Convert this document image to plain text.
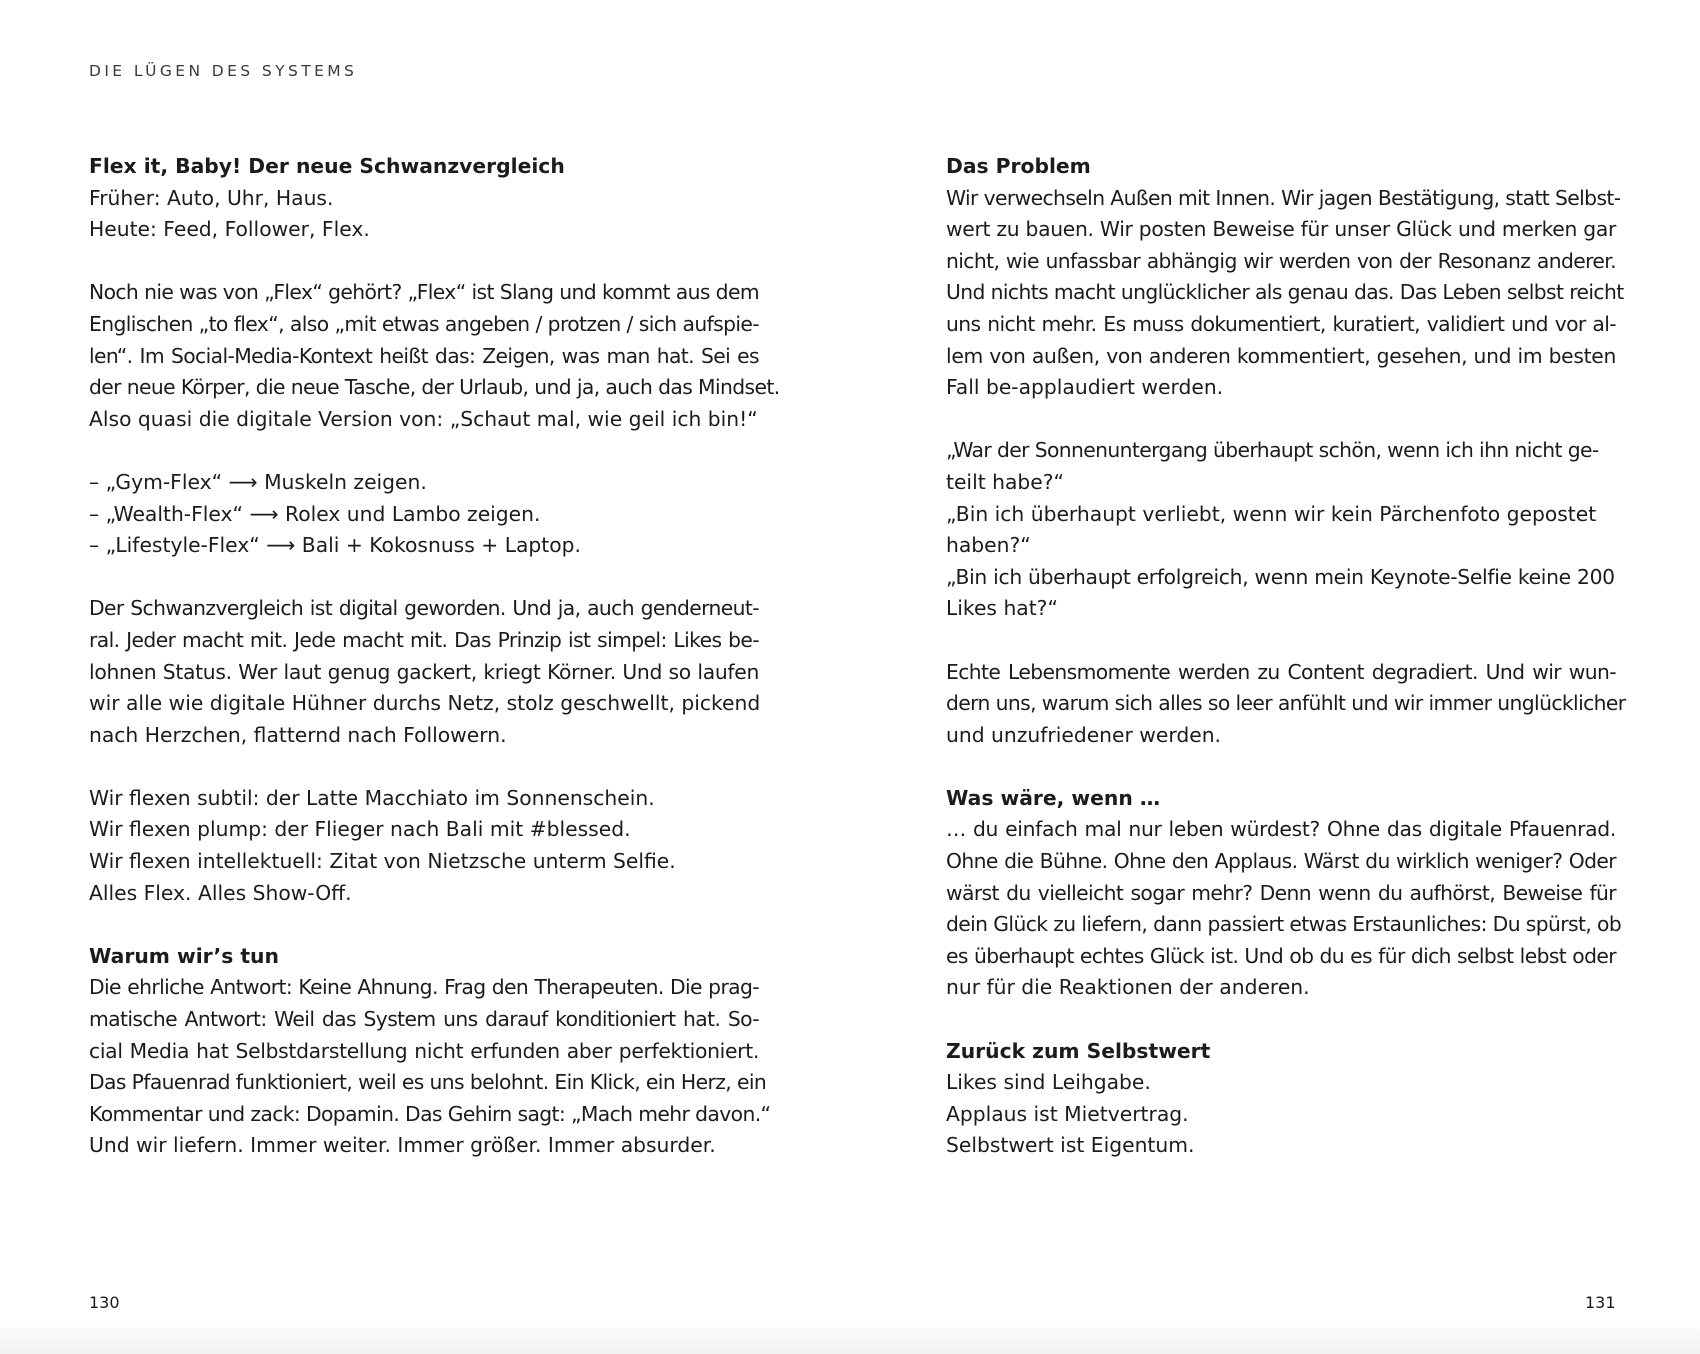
DIE LÜGEN DES SYSTEMS
Flex it, Baby! Der neue Schwanzvergleich
Früher: Auto, Uhr, Haus.
Heute: Feed, Follower, Flex.
Noch nie was von „Flex“ gehört? „Flex“ ist Slang und kommt aus dem
Englischen „to flex“, also „mit etwas angeben / protzen / sich aufspie-
len“. Im Social-Media-Kontext heißt das: Zeigen, was man hat. Sei es
der neue Körper, die neue Tasche, der Urlaub, und ja, auch das Mindset.
Also quasi die digitale Version von: „Schaut mal, wie geil ich bin!“
– „Gym-Flex“ ⟶ Muskeln zeigen.
– „Wealth-Flex“ ⟶ Rolex und Lambo zeigen.
– „Lifestyle-Flex“ ⟶ Bali + Kokosnuss + Laptop.
Der Schwanzvergleich ist digital geworden. Und ja, auch genderneut-
ral. Jeder macht mit. Jede macht mit. Das Prinzip ist simpel: Likes be-
lohnen Status. Wer laut genug gackert, kriegt Körner. Und so laufen
wir alle wie digitale Hühner durchs Netz, stolz geschwellt, pickend
nach Herzchen, flatternd nach Followern.
Wir flexen subtil: der Latte Macchiato im Sonnenschein.
Wir flexen plump: der Flieger nach Bali mit #blessed.
Wir flexen intellektuell: Zitat von Nietzsche unterm Selfie.
Alles Flex. Alles Show-Off.
Warum wir’s tun
Die ehrliche Antwort: Keine Ahnung. Frag den Therapeuten. Die prag-
matische Antwort: Weil das System uns darauf konditioniert hat. So-
cial Media hat Selbstdarstellung nicht erfunden aber perfektioniert.
Das Pfauenrad funktioniert, weil es uns belohnt. Ein Klick, ein Herz, ein
Kommentar und zack: Dopamin. Das Gehirn sagt: „Mach mehr davon.“
Und wir liefern. Immer weiter. Immer größer. Immer absurder.
Das Problem
Wir verwechseln Außen mit Innen. Wir jagen Bestätigung, statt Selbst-
wert zu bauen. Wir posten Beweise für unser Glück und merken gar
nicht, wie unfassbar abhängig wir werden von der Resonanz anderer.
Und nichts macht unglücklicher als genau das. Das Leben selbst reicht
uns nicht mehr. Es muss dokumentiert, kuratiert, validiert und vor al-
lem von außen, von anderen kommentiert, gesehen, und im besten
Fall be-applaudiert werden.
„War der Sonnenuntergang überhaupt schön, wenn ich ihn nicht ge-
teilt habe?“
„Bin ich überhaupt verliebt, wenn wir kein Pärchenfoto gepostet
haben?“
„Bin ich überhaupt erfolgreich, wenn mein Keynote-Selfie keine 200
Likes hat?“
Echte Lebensmomente werden zu Content degradiert. Und wir wun-
dern uns, warum sich alles so leer anfühlt und wir immer unglücklicher
und unzufriedener werden.
Was wäre, wenn …
… du einfach mal nur leben würdest? Ohne das digitale Pfauenrad.
Ohne die Bühne. Ohne den Applaus. Wärst du wirklich weniger? Oder
wärst du vielleicht sogar mehr? Denn wenn du aufhörst, Beweise für
dein Glück zu liefern, dann passiert etwas Erstaunliches: Du spürst, ob
es überhaupt echtes Glück ist. Und ob du es für dich selbst lebst oder
nur für die Reaktionen der anderen.
Zurück zum Selbstwert
Likes sind Leihgabe.
Applaus ist Mietvertrag.
Selbstwert ist Eigentum.
130	131
